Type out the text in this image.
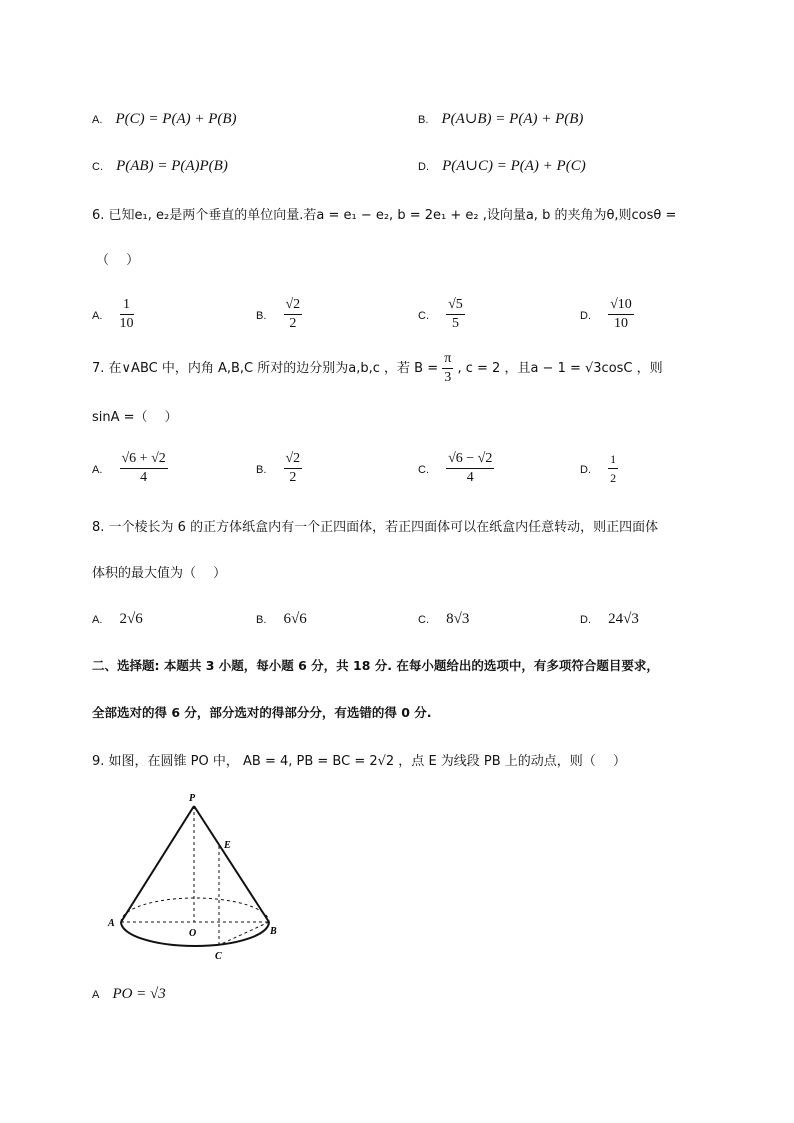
A. P(C) = P(A) + P(B)	B. P(A∪B) = P(A) + P(B)
C. P(AB) = P(A)P(B)	D. P(A∪C) = P(A) + P(C)
6. 已知e₁, e₂是两个垂直的单位向量.若a = e₁ − e₂, b = 2e₁ + e₂ ,设向量a, b 的夹角为θ,则cosθ =
（　 ）
A. $\frac{1}{10}$	B. $\frac{√2}{2}$	C. $\frac{√5}{5}$	D. $\frac{√10}{10}$
7. 在∨ABC 中，内角 A,B,C 所对的边分别为a,b,c ，若 $B = \frac{\pi}{3}$ , c = 2 ，且a − 1 = √3cosC ，则
sinA =（　 ）
A. $\frac{√6 + √2}{4}$	B. $\frac{√2}{2}$	C. $\frac{√6 - √2}{4}$	D. $\frac{1}{2}$
8. 一个棱长为 6 的正方体纸盒内有一个正四面体，若正四面体可以在纸盒内任意转动，则正四面体
体积的最大值为（　 ）
A. 2√6	B. 6√6	C. 8√3	D. 24√3
二、选择题: 本题共 3 小题，每小题 6 分，共 18 分. 在每小题给出的选项中，有多项符合题目要求，
全部选对的得 6 分，部分选对的得部分分，有选错的得 0 分.
9. 如图，在圆锥 PO 中， AB = 4, PB = BC = 2√2 ，点 E 为线段 PB 上的动点，则（　 ）
P
E
A
O	B
C
A PO = √3
